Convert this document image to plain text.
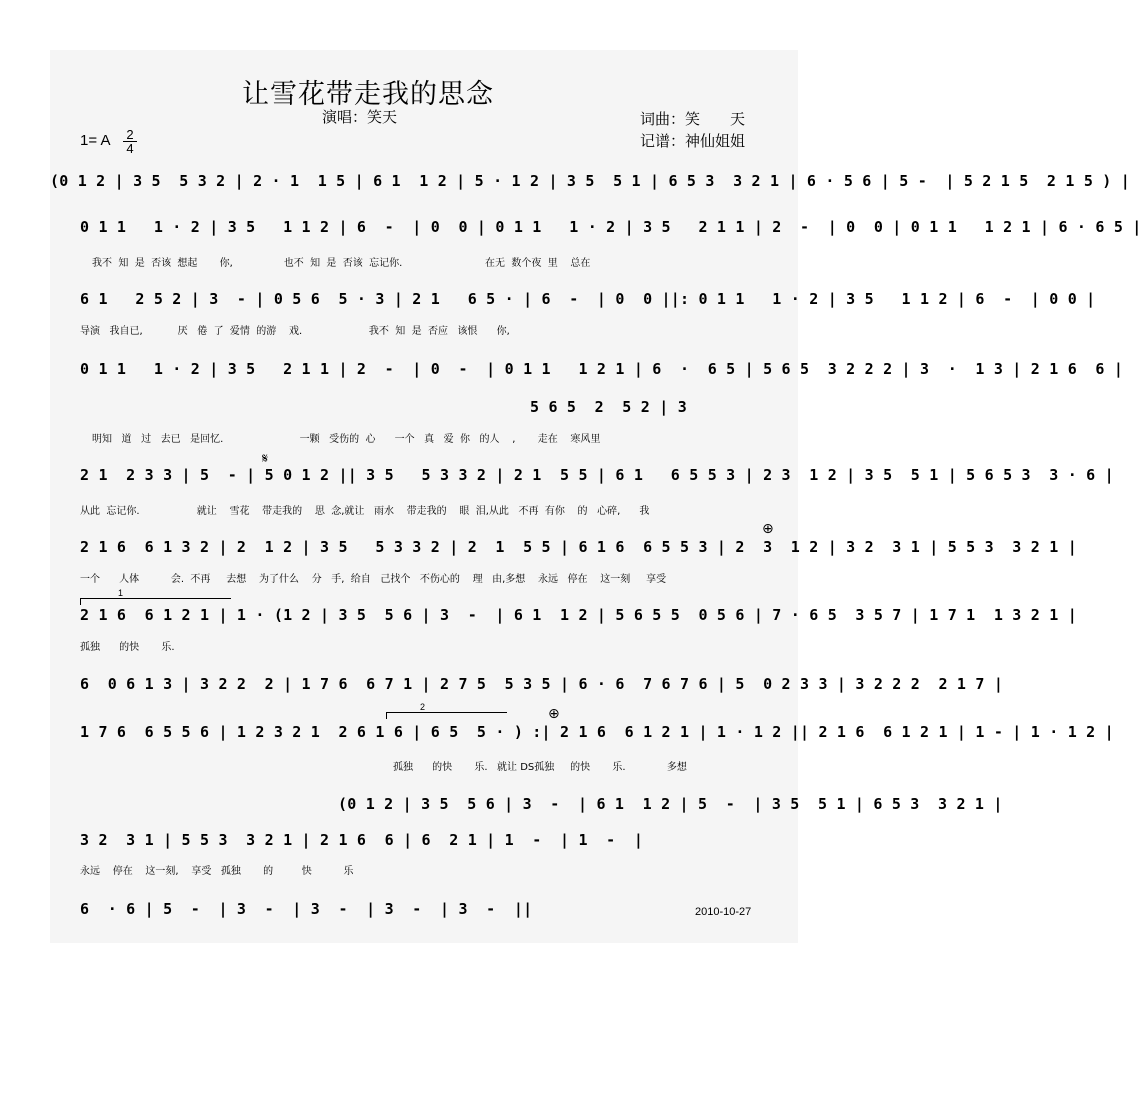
让雪花带走我的思念
演唱：笑天	词曲：笑　　天
记谱：神仙姐姐
1= A 2
4
(0 1 2 | 3 5  5 3 2 | 2 · 1  1 5 | 6 1  1 2 | 5 · 1 2 | 3 5  5 1 | 6 5 3  3 2 1 | 6 · 5 6 | 5 -  | 5 2 1 5  2 1 5 ) |
0 1 1   1 · 2 | 3 5   1 1 2 | 6  -  | 0  0 | 0 1 1   1 · 2 | 3 5   2 1 1 | 2  -  | 0  0 | 0 1 1   1 2 1 | 6 · 6 5 |
6 1   2 5 2 | 3  - | 0 5 6  5 · 3 | 2 1   6 5 · | 6  -  | 0  0 ||: 0 1 1   1 · 2 | 3 5   1 1 2 | 6  -  | 0 0 |
0 1 1   1 · 2 | 3 5   2 1 1 | 2  -  | 0  -  | 0 1 1   1 2 1 | 6  ·  6 5 | 5 6 5  3 2 2 2 | 3  ·  1 3 | 2 1 6  6 |
5 6 5  2  5 2 | 3
2 1  2 3 3 | 5  - | 5 0 1 2 || 3 5   5 3 3 2 | 2 1  5 5 | 6 1   6 5 5 3 | 2 3  1 2 | 3 5  5 1 | 5 6 5 3  3 · 6 |
2 1 6  6 1 3 2 | 2  1 2 | 3 5   5 3 3 2 | 2  1  5 5 | 6 1 6  6 5 5 3 | 2  3  1 2 | 3 2  3 1 | 5 5 3  3 2 1 |
2 1 6  6 1 2 1 | 1 · (1 2 | 3 5  5 6 | 3  -  | 6 1  1 2 | 5 6 5 5  0 5 6 | 7 · 6 5  3 5 7 | 1 7 1  1 3 2 1 |
6  0 6 1 3 | 3 2 2  2 | 1 7 6  6 7 1 | 2 7 5  5 3 5 | 6 · 6  7 6 7 6 | 5  0 2 3 3 | 3 2 2 2  2 1 7 |
1 7 6  6 5 5 6 | 1 2 3 2 1  2 6 1 6 | 6 5  5 · ) :| 2 1 6  6 1 2 1 | 1 · 1 2 || 2 1 6  6 1 2 1 | 1 - | 1 · 1 2 |
(0 1 2 | 3 5  5 6 | 3  -  | 6 1  1 2 | 5  -  | 3 5  5 1 | 6 5 3  3 2 1 |
3 2  3 1 | 5 5 3  3 2 1 | 2 1 6  6 | 6  2 1 | 1  -  | 1  -  |
6  · 6 | 5  -  | 3  -  | 3  -  | 3  -  | 3  -  ||
我不  知  是  否该  想起       你,                也不  知  是  否该  忘记你.                          在无  数个夜  里    总在
导演   我自已,           厌   倦  了  爱情  的游    戏.                     我不  知  是  否应   该恨      你,
明知   道   过   去已   是回忆.                        一颗   受伤的  心      一个   真   爱  你   的人    ,       走在    寒风里
从此  忘记你.                  就让    雪花    带走我的    思  念,就让   雨水    带走我的    眼  泪,从此   不再  有你    的   心碎,      我
一个      人体          会.  不再     去想    为了什么    分   手,  给自   己找个   不伤心的    理   由,多想    永远   停在    这一刻     享受
孤独      的快       乐.
孤独      的快       乐.   就让 DS孤独     的快       乐.             多想
永远    停在    这一刻,    享受   孤独       的         快          乐
1
2
⊕
⊕
𝄋
2010-10-27
